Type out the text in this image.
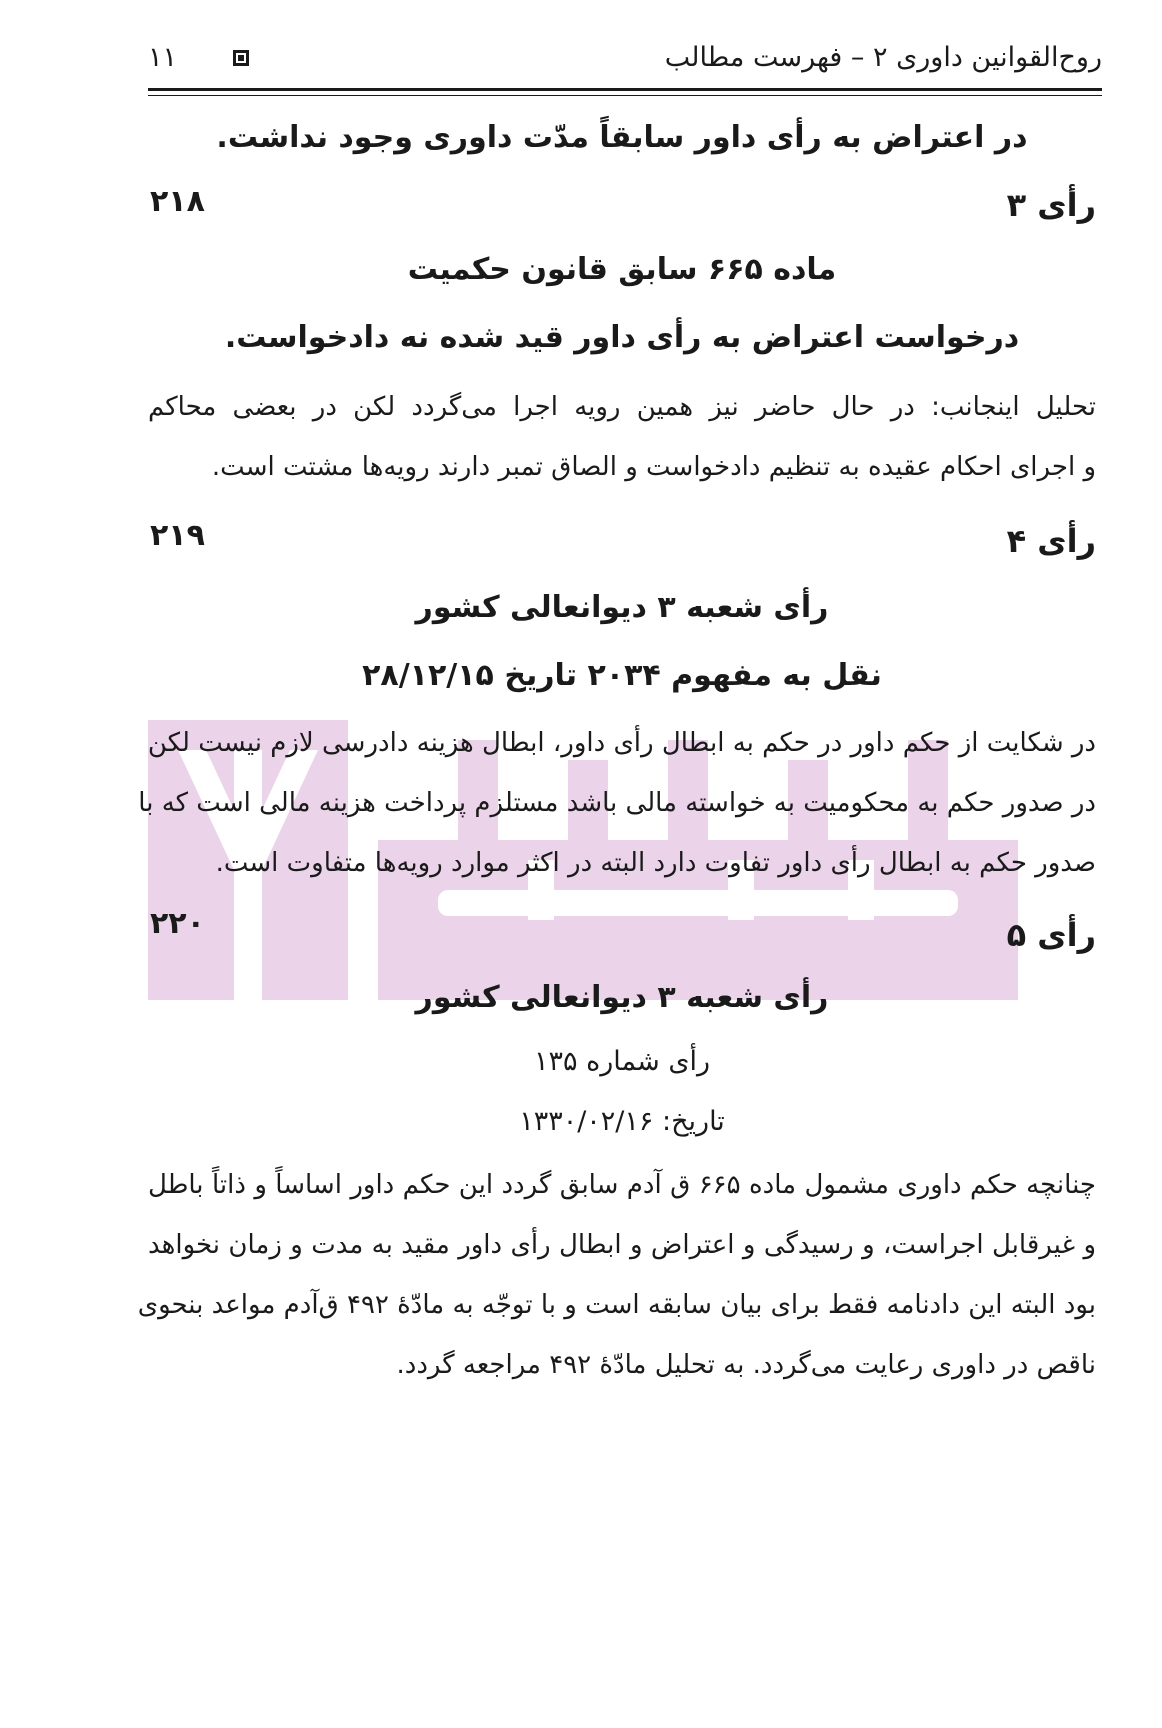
روح‌القوانین داوری ۲ – فهرست مطالب
۱۱
در اعتراض به رأی داور سابقاً مدّت داوری وجود نداشت.
رأی ۳
۲۱۸
ماده ۶۶۵ سابق قانون حکمیت
درخواست اعتراض به رأی داور قید شده نه دادخواست.
تحلیل اینجانب: در حال حاضر نیز همین رویه اجرا می‌گردد لکن در بعضی محاکم
و اجرای احکام عقیده به تنظیم دادخواست و الصاق تمبر دارند رویه‌ها مشتت است.
رأی ۴
۲۱۹
رأی شعبه ۳ دیوانعالی کشور
نقل به مفهوم ۲۰۳۴ تاریخ ۲۸/۱۲/۱۵
در شکایت از حکم داور در حکم به ابطال رأی داور، ابطال هزینه دادرسی لازم نیست لکن
در صدور حکم به محکومیت به خواسته مالی باشد مستلزم پرداخت هزینه مالی است که با
صدور حکم به ابطال رأی داور تفاوت دارد البته در اکثر موارد رویه‌ها متفاوت است.
رأی ۵
۲۲۰
رأی شعبه ۳ دیوانعالی کشور
رأی شماره ۱۳۵
تاریخ: ۱۳۳۰/۰۲/۱۶
چنانچه حکم داوری مشمول ماده ۶۶۵ ق آدم سابق گردد این حکم داور اساساً و ذاتاً باطل
و غیرقابل اجراست، و رسیدگی و اعتراض و ابطال رأی داور مقید به مدت و زمان نخواهد
بود البته این دادنامه فقط برای بیان سابقه است و با توجّه به مادّهٔ ۴۹۲ ق‌آدم مواعد بنحوی
ناقص در داوری رعایت می‌گردد. به تحلیل مادّهٔ ۴۹۲ مراجعه گردد.
